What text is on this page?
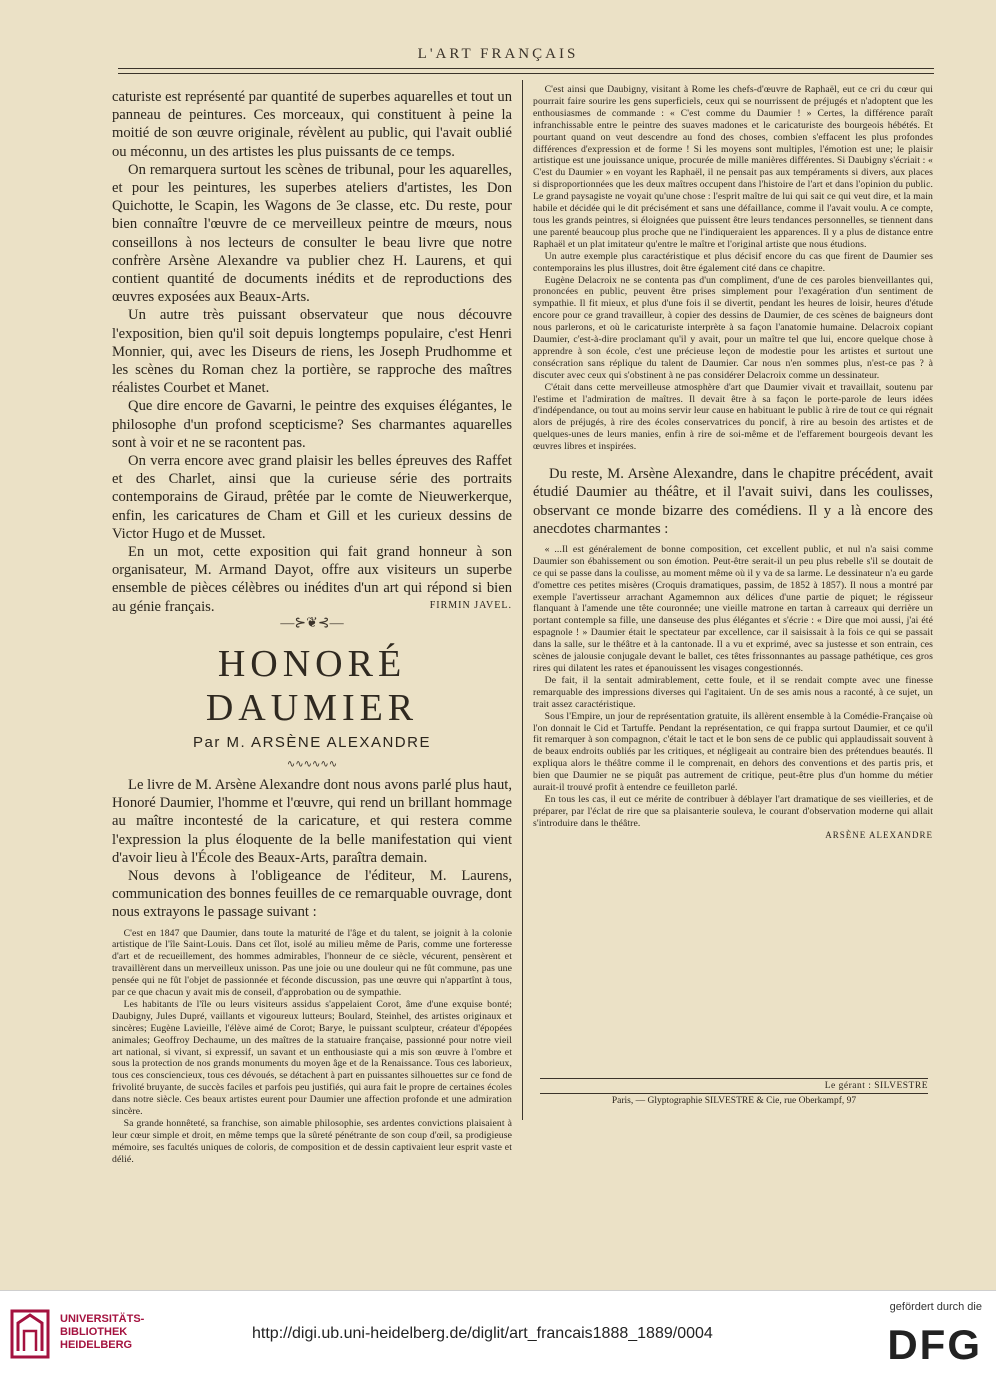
L'ART FRANÇAIS

caturiste est représenté par quantité de superbes aquarelles et tout un panneau de peintures. Ces morceaux, qui constituent à peine la moitié de son œuvre originale, révèlent au public, qui l'avait oublié ou méconnu, un des artistes les plus puissants de ce temps.

On remarquera surtout les scènes de tribunal, pour les aquarelles, et pour les peintures, les superbes ateliers d'artistes, les Don Quichotte, le Scapin, les Wagons de 3e classe, etc. Du reste, pour bien connaître l'œuvre de ce merveilleux peintre de mœurs, nous conseillons à nos lecteurs de consulter le beau livre que notre confrère Arsène Alexandre va publier chez H. Laurens, et qui contient quantité de documents inédits et de reproductions des œuvres exposées aux Beaux-Arts.

Un autre très puissant observateur que nous découvre l'exposition, bien qu'il soit depuis longtemps populaire, c'est Henri Monnier, qui, avec les Diseurs de riens, les Joseph Prudhomme et les scènes du Roman chez la portière, se rapproche des maîtres réalistes Courbet et Manet.

Que dire encore de Gavarni, le peintre des exquises élégantes, le philosophe d'un profond scepticisme? Ses charmantes aquarelles sont à voir et ne se racontent pas.

On verra encore avec grand plaisir les belles épreuves des Raffet et des Charlet, ainsi que la curieuse série des portraits contemporains de Giraud, prêtée par le comte de Nieuwerkerque, enfin, les caricatures de Cham et Gill et les curieux dessins de Victor Hugo et de Musset.

En un mot, cette exposition qui fait grand honneur à son organisateur, M. Armand Dayot, offre aux visiteurs un superbe ensemble de pièces célèbres ou inédites d'un art qui répond si bien au génie français.	FIRMIN JAVEL.
—⊱❦⊰—
HONORÉ DAUMIER
Par M. ARSÈNE ALEXANDRE
∿∿∿∿∿∿

Le livre de M. Arsène Alexandre dont nous avons parlé plus haut, Honoré Daumier, l'homme et l'œuvre, qui rend un brillant hommage au maître incontesté de la caricature, et qui restera comme l'expression la plus éloquente de la belle manifestation qui vient d'avoir lieu à l'École des Beaux-Arts, paraîtra demain.

Nous devons à l'obligeance de l'éditeur, M. Laurens, communication des bonnes feuilles de ce remarquable ouvrage, dont nous extrayons le passage suivant :

C'est en 1847 que Daumier, dans toute la maturité de l'âge et du talent, se joignit à la colonie artistique de l'île Saint-Louis. Dans cet îlot, isolé au milieu même de Paris, comme une forteresse d'art et de recueillement, des hommes admirables, l'honneur de ce siècle, vécurent, pensèrent et travaillèrent dans un merveilleux unisson. Pas une joie ou une douleur qui ne fût commune, pas une pensée qui ne fût l'objet de passionnée et féconde discussion, pas une œuvre qui n'appartînt à tous, par ce que chacun y avait mis de conseil, d'approbation ou de sympathie.

Les habitants de l'île ou leurs visiteurs assidus s'appelaient Corot, âme d'une exquise bonté; Daubigny, Jules Dupré, vaillants et vigoureux lutteurs; Boulard, Steinhel, des artistes originaux et sincères; Eugène Lavieille, l'élève aimé de Corot; Barye, le puissant sculpteur, créateur d'épopées animales; Geoffroy Dechaume, un des maîtres de la statuaire française, passionné pour notre vieil art national, si vivant, si expressif, un savant et un enthousiaste qui a mis son œuvre à l'ombre et sous la protection de nos grands monuments du moyen âge et de la Renaissance. Tous ces laborieux, tous ces consciencieux, tous ces dévoués, se détachent à part en puissantes silhouettes sur ce fond de frivolité bruyante, de succès faciles et parfois peu justifiés, qui aura fait le propre de certaines écoles dans notre siècle. Ces beaux artistes eurent pour Daumier une affection profonde et une admiration sincère.

Sa grande honnêteté, sa franchise, son aimable philosophie, ses ardentes convictions plaisaient à leur cœur simple et droit, en même temps que la sûreté pénétrante de son coup d'œil, sa prodigieuse mémoire, ses facultés uniques de coloris, de composition et de dessin captivaient leur esprit vaste et délié.

C'est ainsi que Daubigny, visitant à Rome les chefs-d'œuvre de Raphaël, eut ce cri du cœur qui pourrait faire sourire les gens superficiels, ceux qui se nourrissent de préjugés et n'adoptent que les enthousiasmes de commande : « C'est comme du Daumier ! » Certes, la différence paraît infranchissable entre le peintre des suaves madones et le caricaturiste des bourgeois hébétés. Et pourtant quand on veut descendre au fond des choses, combien s'effacent les plus profondes différences d'expression et de forme ! Si les moyens sont multiples, l'émotion est une; le plaisir artistique est une jouissance unique, procurée de mille manières différentes. Si Daubigny s'écriait : « C'est du Daumier » en voyant les Raphaël, il ne pensait pas aux tempéraments si divers, aux places si disproportionnées que les deux maîtres occupent dans l'histoire de l'art et dans l'opinion du public. Le grand paysagiste ne voyait qu'une chose : l'esprit maître de lui qui sait ce qui veut dire, et la main habile et décidée qui le dit précisément et sans une défaillance, comme il l'avait voulu. A ce compte, tous les grands peintres, si éloignées que puissent être leurs tendances personnelles, se tiennent dans une parenté beaucoup plus proche que ne l'indiqueraient les apparences. Il y a plus de distance entre Raphaël et un plat imitateur qu'entre le maître et l'original artiste que nous étudions.

Un autre exemple plus caractéristique et plus décisif encore du cas que firent de Daumier ses contemporains les plus illustres, doit être également cité dans ce chapitre.

Eugène Delacroix ne se contenta pas d'un compliment, d'une de ces paroles bienveillantes qui, prononcées en public, peuvent être prises simplement pour l'exagération d'un sentiment de sympathie. Il fit mieux, et plus d'une fois il se divertit, pendant les heures de loisir, heures d'étude encore pour ce grand travailleur, à copier des dessins de Daumier, de ces scènes de baigneurs dont nous parlerons, et où le caricaturiste interprète à sa façon l'anatomie humaine. Delacroix copiant Daumier, c'est-à-dire proclamant qu'il y avait, pour un maître tel que lui, encore quelque chose à apprendre à son école, c'est une précieuse leçon de modestie pour les artistes et surtout une consécration sans réplique du talent de Daumier. Car nous n'en sommes plus, n'est-ce pas ? à discuter avec ceux qui s'obstinent à ne pas considérer Delacroix comme un dessinateur.

C'était dans cette merveilleuse atmosphère d'art que Daumier vivait et travaillait, soutenu par l'estime et l'admiration de maîtres. Il devait être à sa façon le porte-parole de leurs idées d'indépendance, ou tout au moins servir leur cause en habituant le public à rire de tout ce qui régnait alors de préjugés, à rire des écoles conservatrices du poncif, à rire au besoin des artistes et de quelques-unes de leurs manies, enfin à rire de soi-même et de l'effarement bourgeois devant les œuvres libres et inspirées.

Du reste, M. Arsène Alexandre, dans le chapitre précédent, avait étudié Daumier au théâtre, et il l'avait suivi, dans les coulisses, observant ce monde bizarre des comédiens. Il y a là encore des anecdotes charmantes :

« ...Il est généralement de bonne composition, cet excellent public, et nul n'a saisi comme Daumier son ébahissement ou son émotion. Peut-être serait-il un peu plus rebelle s'il se doutait de ce qui se passe dans la coulisse, au moment même où il y va de sa larme. Le dessinateur n'a eu garde d'omettre ces petites misères (Croquis dramatiques, passim, de 1852 à 1857). Il nous a montré par exemple l'avertisseur arrachant Agamemnon aux délices d'une partie de piquet; le régisseur flanquant à l'amende une tête couronnée; une vieille matrone en tartan à carreaux qui derrière un portant contemple sa fille, une danseuse des plus élégantes et s'écrie : « Dire que moi aussi, j'ai été espagnole ! » Daumier était le spectateur par excellence, car il saisissait à la fois ce qui se passait dans la salle, sur le théâtre et à la cantonade. Il a vu et exprimé, avec sa justesse et son entrain, ces scènes de jalousie conjugale devant le ballet, ces têtes frissonnantes au passage pathétique, ces gros rires qui dilatent les rates et épanouissent les visages congestionnés.

De fait, il la sentait admirablement, cette foule, et il se rendait compte avec une finesse remarquable des impressions diverses qui l'agitaient. Un de ses amis nous a raconté, à ce sujet, un trait assez caractéristique.

Sous l'Empire, un jour de représentation gratuite, ils allèrent ensemble à la Comédie-Française où l'on donnait le Cid et Tartuffe. Pendant la représentation, ce qui frappa surtout Daumier, et ce qu'il fit remarquer à son compagnon, c'était le tact et le bon sens de ce public qui applaudissait souvent à de beaux endroits oubliés par les critiques, et négligeait au contraire bien des prétendues beautés. Il expliqua alors le théâtre comme il le comprenait, en dehors des conventions et des partis pris, et bien que Daumier ne se piquât pas autrement de critique, peut-être plus d'un homme du métier aurait-il trouvé profit à entendre ce feuilleton parlé.

En tous les cas, il eut ce mérite de contribuer à déblayer l'art dramatique de ses vieilleries, et de préparer, par l'éclat de rire que sa plaisanterie souleva, le courant d'observation moderne qui allait s'introduire dans le théâtre.

ARSÈNE ALEXANDRE
Le gérant : SILVESTRE
Paris, — Glyptographie SILVESTRE & Cie, rue Oberkampf, 97
UNIVERSITÄTS-
BIBLIOTHEK
HEIDELBERG
http://digi.ub.uni-heidelberg.de/diglit/art_francais1888_1889/0004
gefördert durch die
DFG
